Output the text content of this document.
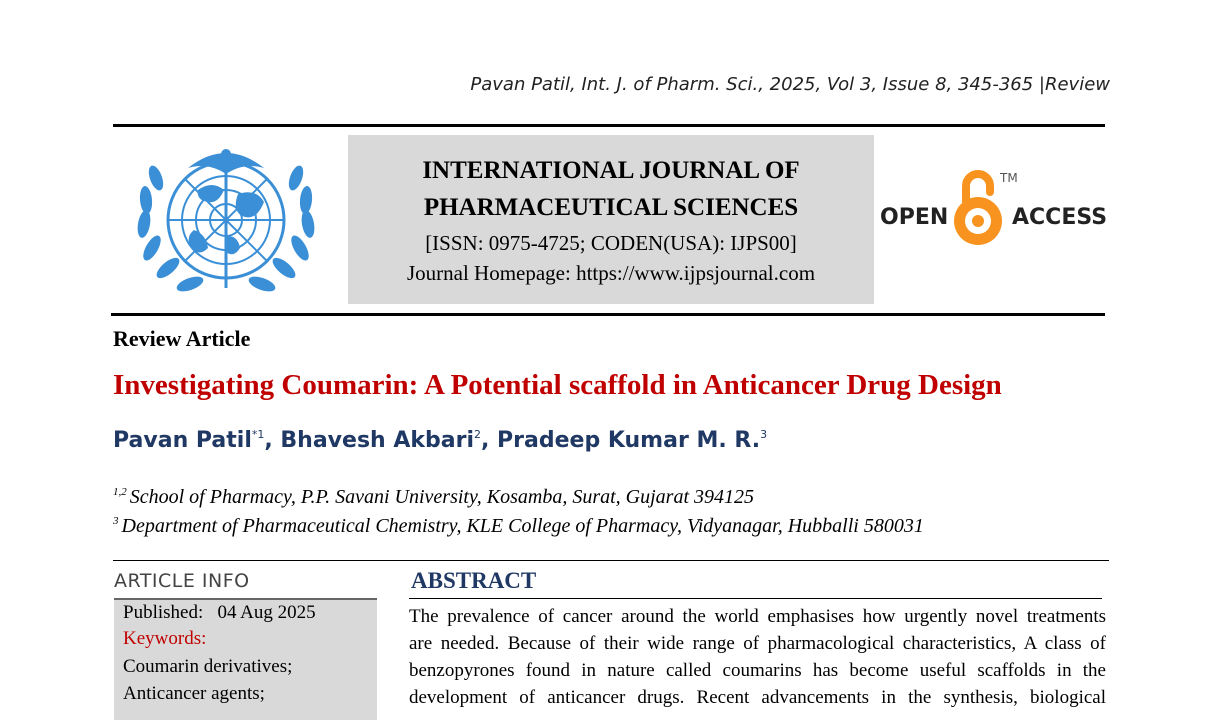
Pavan Patil, Int. J. of Pharm. Sci., 2025, Vol 3, Issue 8, 345-365 |Review
INTERNATIONAL JOURNAL OF
PHARMACEUTICAL SCIENCES
[ISSN: 0975-4725; CODEN(USA): IJPS00]
Journal Homepage: https://www.ijpsjournal.com
OPEN
TM
ACCESS
Review Article
Investigating Coumarin: A Potential scaffold in Anticancer Drug Design
Pavan Patil$^{*1}$, Bhavesh Akbari$^2$, Pradeep Kumar M. R.$^3$
$^{1,2}$ School of Pharmacy, P.P. Savani University, Kosamba, Surat, Gujarat 394125
$^3$ Department of Pharmaceutical Chemistry, KLE College of Pharmacy, Vidyanagar, Hubballi 580031
ARTICLE INFO
Published: 04 Aug 2025
Keywords:
Coumarin derivatives;
Anticancer agents;
ABSTRACT
The prevalence of cancer around the world emphasises how urgently novel treatments
are needed. Because of their wide range of pharmacological characteristics, A class of
benzopyrones found in nature called coumarins has become useful scaffolds in the
development of anticancer drugs. Recent advancements in the synthesis, biological
